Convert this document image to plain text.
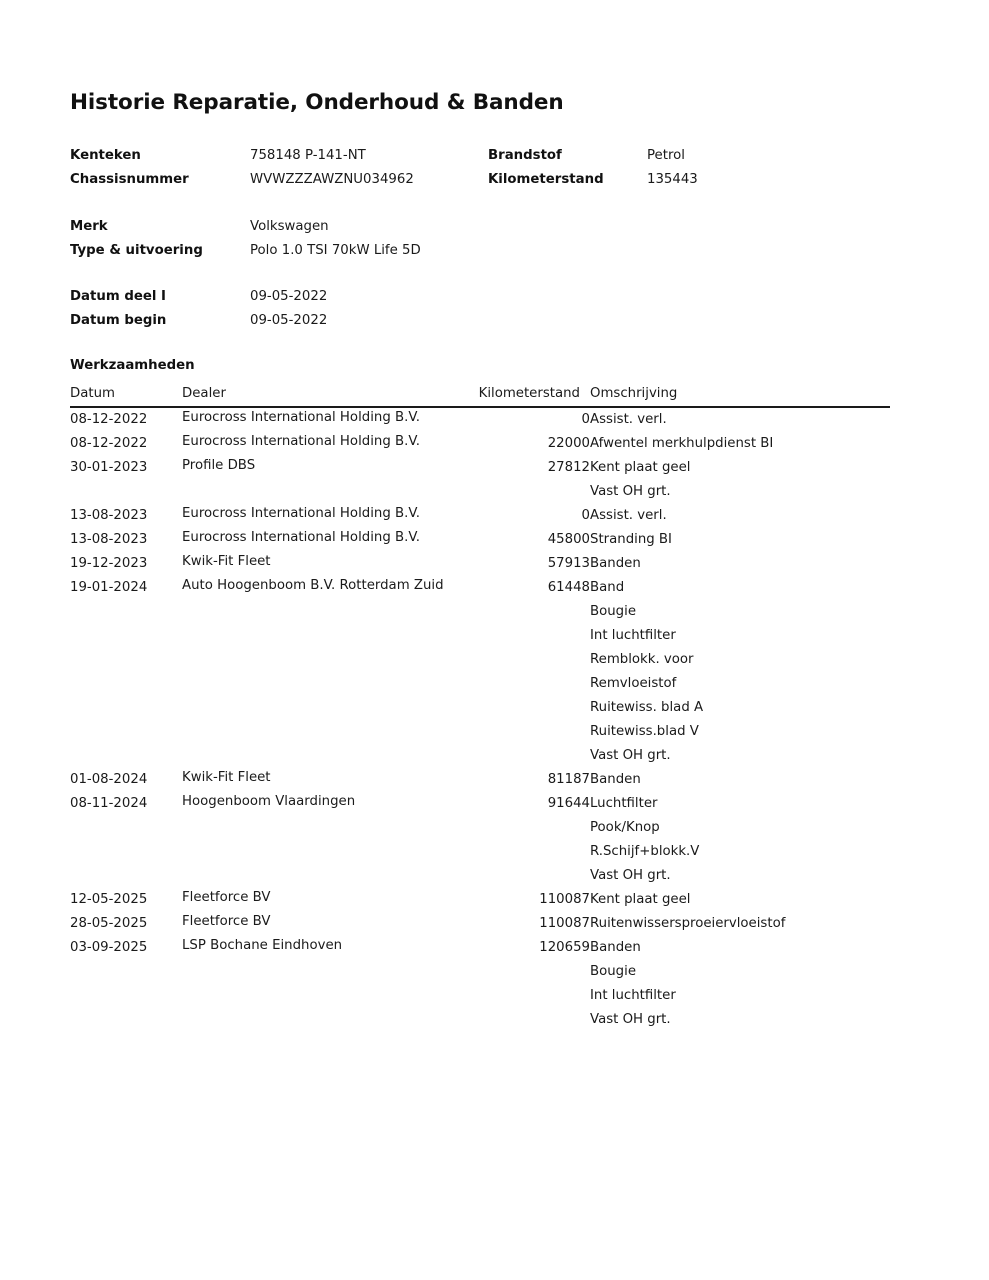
Historie Reparatie, Onderhoud & Banden
Kenteken	758148 P-141-NT	Brandstof	Petrol
Chassisnummer	WVWZZZAWZNU034962	Kilometerstand	135443
Merk	Volkswagen
Type & uitvoering	Polo 1.0 TSI 70kW Life 5D
Datum deel I	09-05-2022
Datum begin	09-05-2022
Werkzaamheden
Datum	Dealer	Kilometerstand	Omschrijving
08-12-2022	Eurocross International Holding B.V.	0	Assist. verl.

08-12-2022	Eurocross International Holding B.V.	22000	Afwentel merkhulpdienst BI

30-01-2023	Profile DBS	27812	Kent plaat geel
Vast OH grt.

13-08-2023	Eurocross International Holding B.V.	0	Assist. verl.

13-08-2023	Eurocross International Holding B.V.	45800	Stranding BI

19-12-2023	Kwik-Fit Fleet	57913	Banden

19-01-2024	Auto Hoogenboom B.V. Rotterdam Zuid	61448	Band
Bougie
Int luchtfilter
Remblokk. voor
Remvloeistof
Ruitewiss. blad A
Ruitewiss.blad V
Vast OH grt.

01-08-2024	Kwik-Fit Fleet	81187	Banden

08-11-2024	Hoogenboom Vlaardingen	91644	Luchtfilter
Pook/Knop
R.Schijf+blokk.V
Vast OH grt.

12-05-2025	Fleetforce BV	110087	Kent plaat geel

28-05-2025	Fleetforce BV	110087	Ruitenwissersproeiervloeistof

03-09-2025	LSP Bochane Eindhoven	120659	Banden
Bougie
Int luchtfilter
Vast OH grt.
